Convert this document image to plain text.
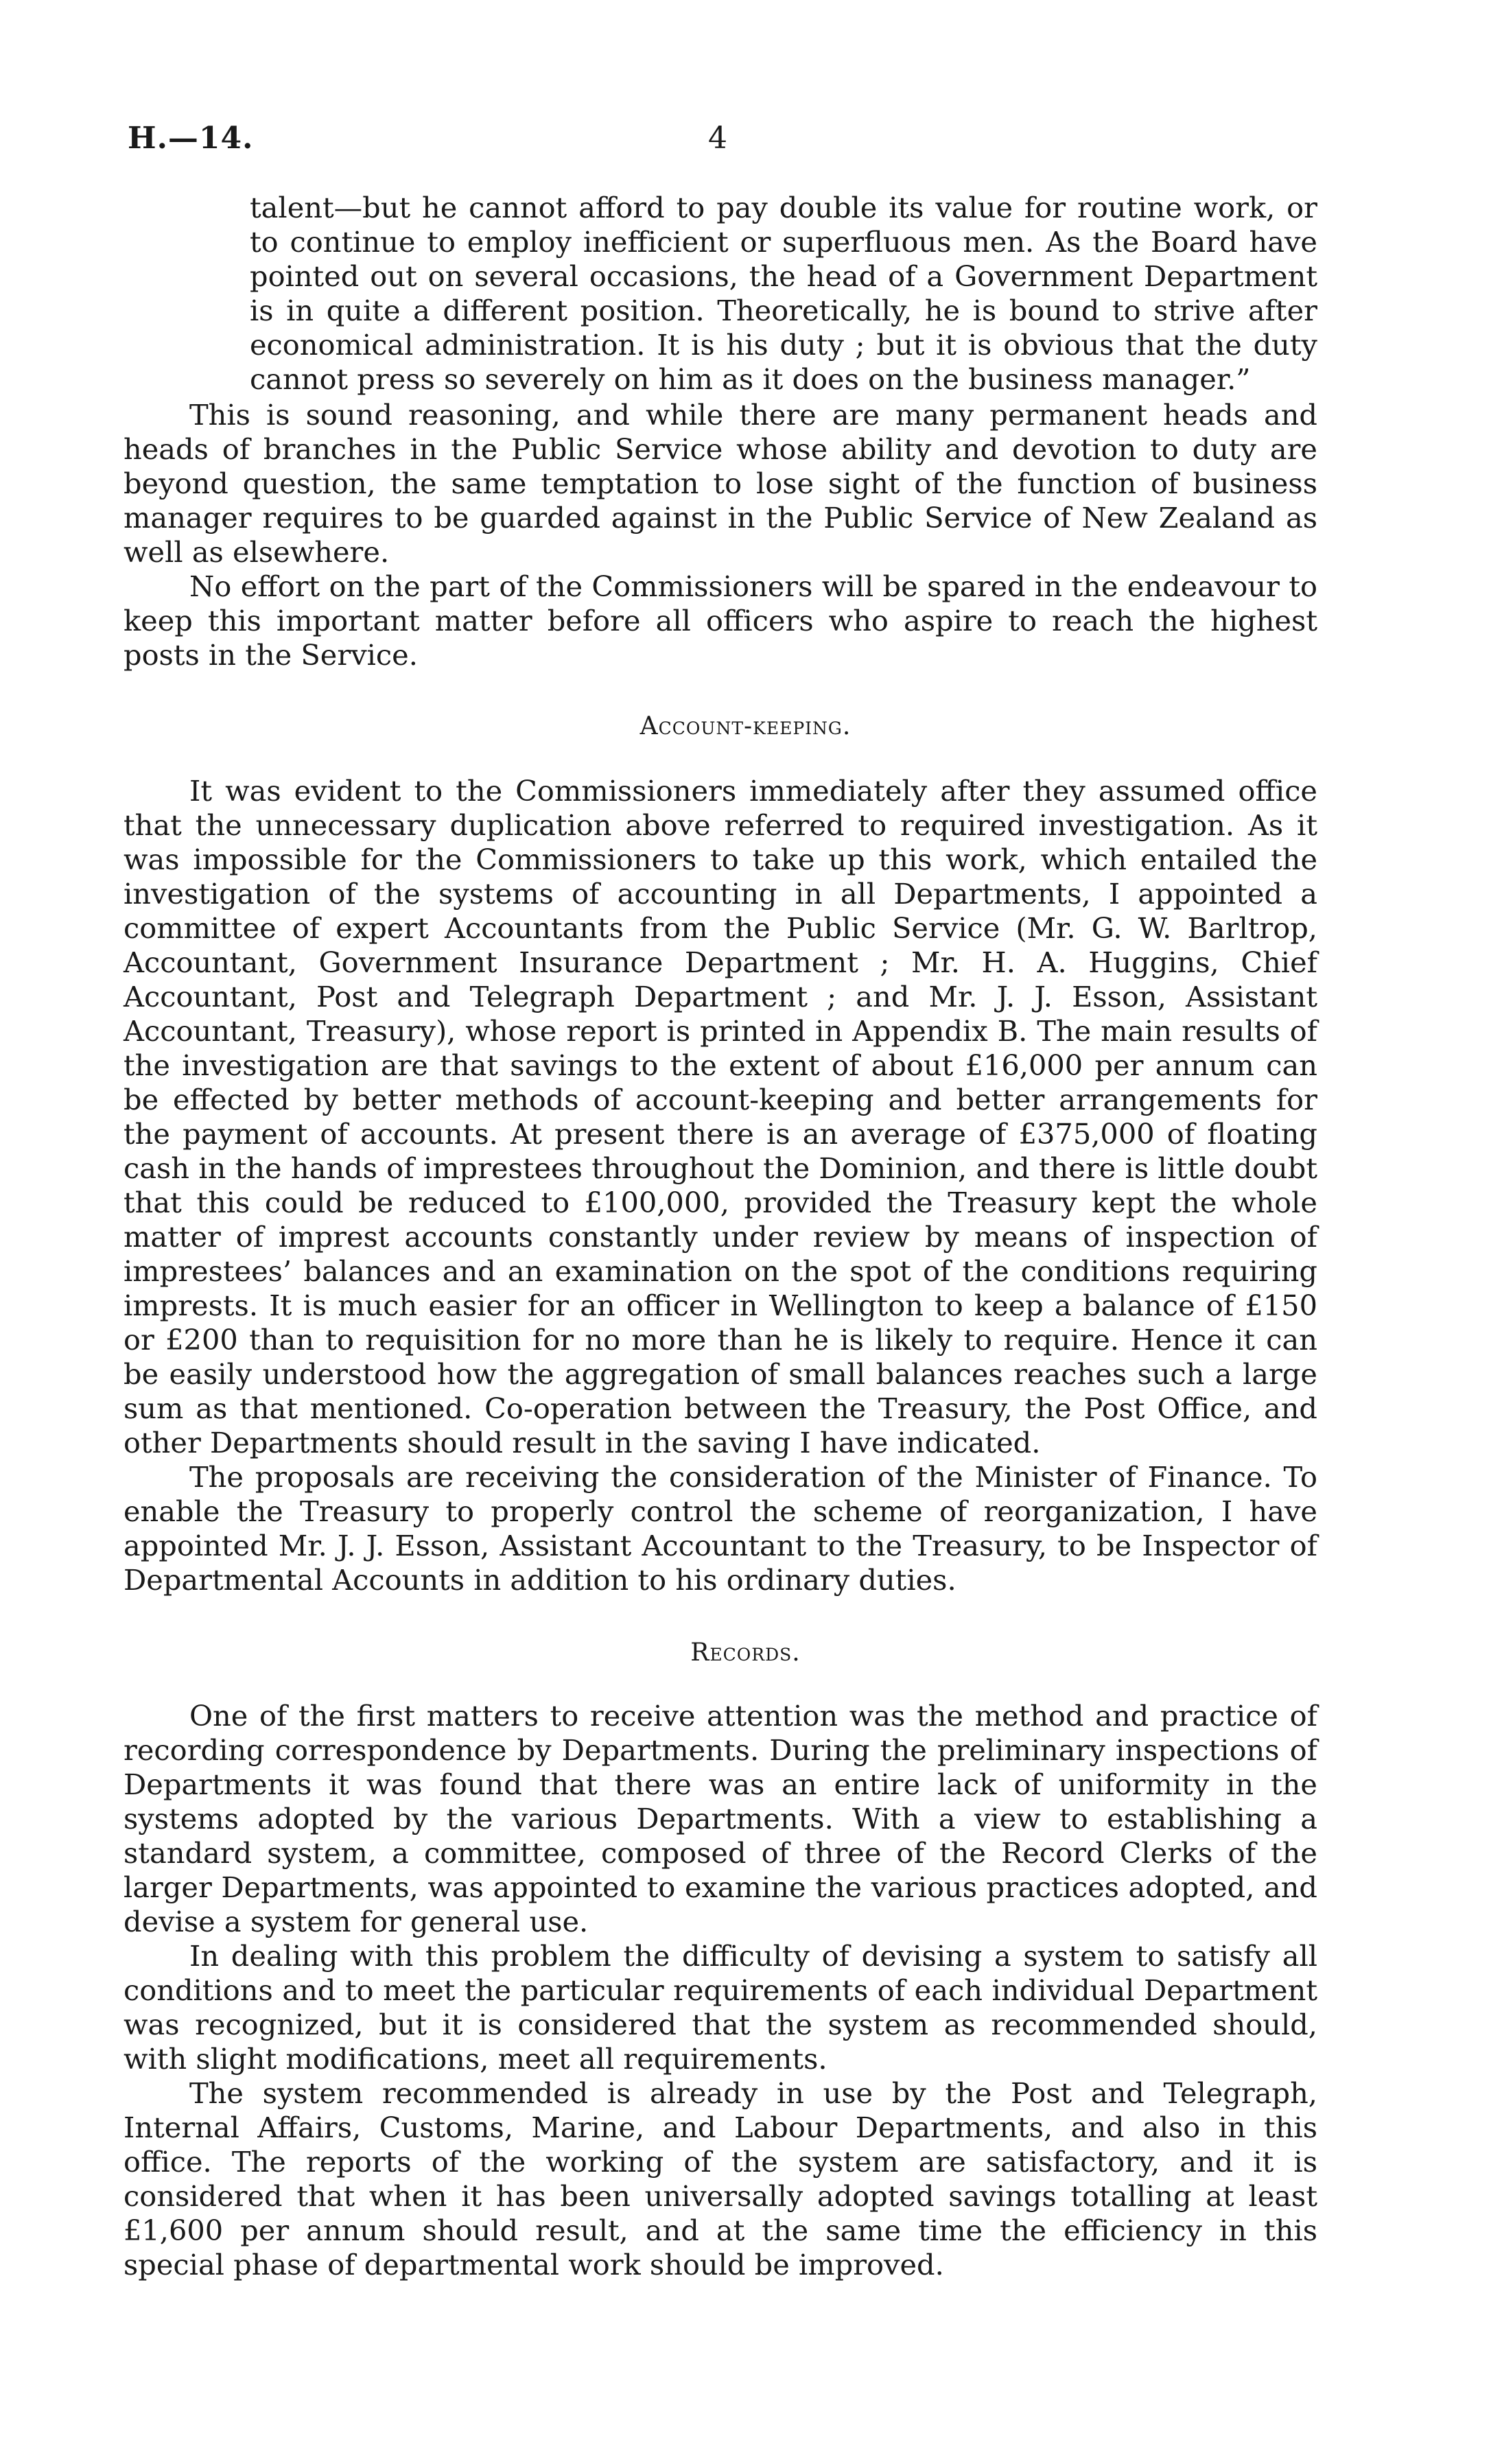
H.—14.	4

talent—but he cannot afford to pay double its value for routine work, or to continue to employ inefficient or superfluous men. As the Board have pointed out on several occasions, the head of a Government Department is in quite a different position. Theoretically, he is bound to strive after economical administration. It is his duty ; but it is obvious that the duty cannot press so severely on him as it does on the business manager.”

This is sound reasoning, and while there are many permanent heads and heads of branches in the Public Service whose ability and devotion to duty are beyond question, the same temptation to lose sight of the function of business manager requires to be guarded against in the Public Service of New Zealand as well as elsewhere.

No effort on the part of the Commissioners will be spared in the endeavour to keep this important matter before all officers who aspire to reach the highest posts in the Service.

Account-keeping.

It was evident to the Commissioners immediately after they assumed office that the unnecessary duplication above referred to required investigation. As it was impossible for the Commissioners to take up this work, which entailed the investigation of the systems of accounting in all Departments, I appointed a committee of expert Accountants from the Public Service (Mr. G. W. Barltrop, Accountant, Government Insurance Department ; Mr. H. A. Huggins, Chief Accountant, Post and Telegraph Department ; and Mr. J. J. Esson, Assistant Accountant, Treasury), whose report is printed in Appendix B. The main results of the investigation are that savings to the extent of about £16,000 per annum can be effected by better methods of account-keeping and better arrangements for the payment of accounts. At present there is an average of £375,000 of floating cash in the hands of imprestees throughout the Dominion, and there is little doubt that this could be reduced to £100,000, provided the Treasury kept the whole matter of imprest accounts constantly under review by means of inspection of imprestees’ balances and an examination on the spot of the conditions requiring imprests. It is much easier for an officer in Wellington to keep a balance of £150 or £200 than to requisition for no more than he is likely to require. Hence it can be easily understood how the aggregation of small balances reaches such a large sum as that mentioned. Co-operation between the Treasury, the Post Office, and other Departments should result in the saving I have indicated.

The proposals are receiving the consideration of the Minister of Finance. To enable the Treasury to properly control the scheme of reorganization, I have appointed Mr. J. J. Esson, Assistant Accountant to the Treasury, to be Inspector of Departmental Accounts in addition to his ordinary duties.

Records.

One of the first matters to receive attention was the method and practice of recording correspondence by Departments. During the preliminary inspections of Departments it was found that there was an entire lack of uniformity in the systems adopted by the various Departments. With a view to establishing a standard system, a committee, composed of three of the Record Clerks of the larger Departments, was appointed to examine the various practices adopted, and devise a system for general use.

In dealing with this problem the difficulty of devising a system to satisfy all conditions and to meet the particular requirements of each individual Department was recognized, but it is considered that the system as recommended should, with slight modifications, meet all requirements.

The system recommended is already in use by the Post and Telegraph, Internal Affairs, Customs, Marine, and Labour Departments, and also in this office. The reports of the working of the system are satisfactory, and it is considered that when it has been universally adopted savings totalling at least £1,600 per annum should result, and at the same time the efficiency in this special phase of departmental work should be improved.
